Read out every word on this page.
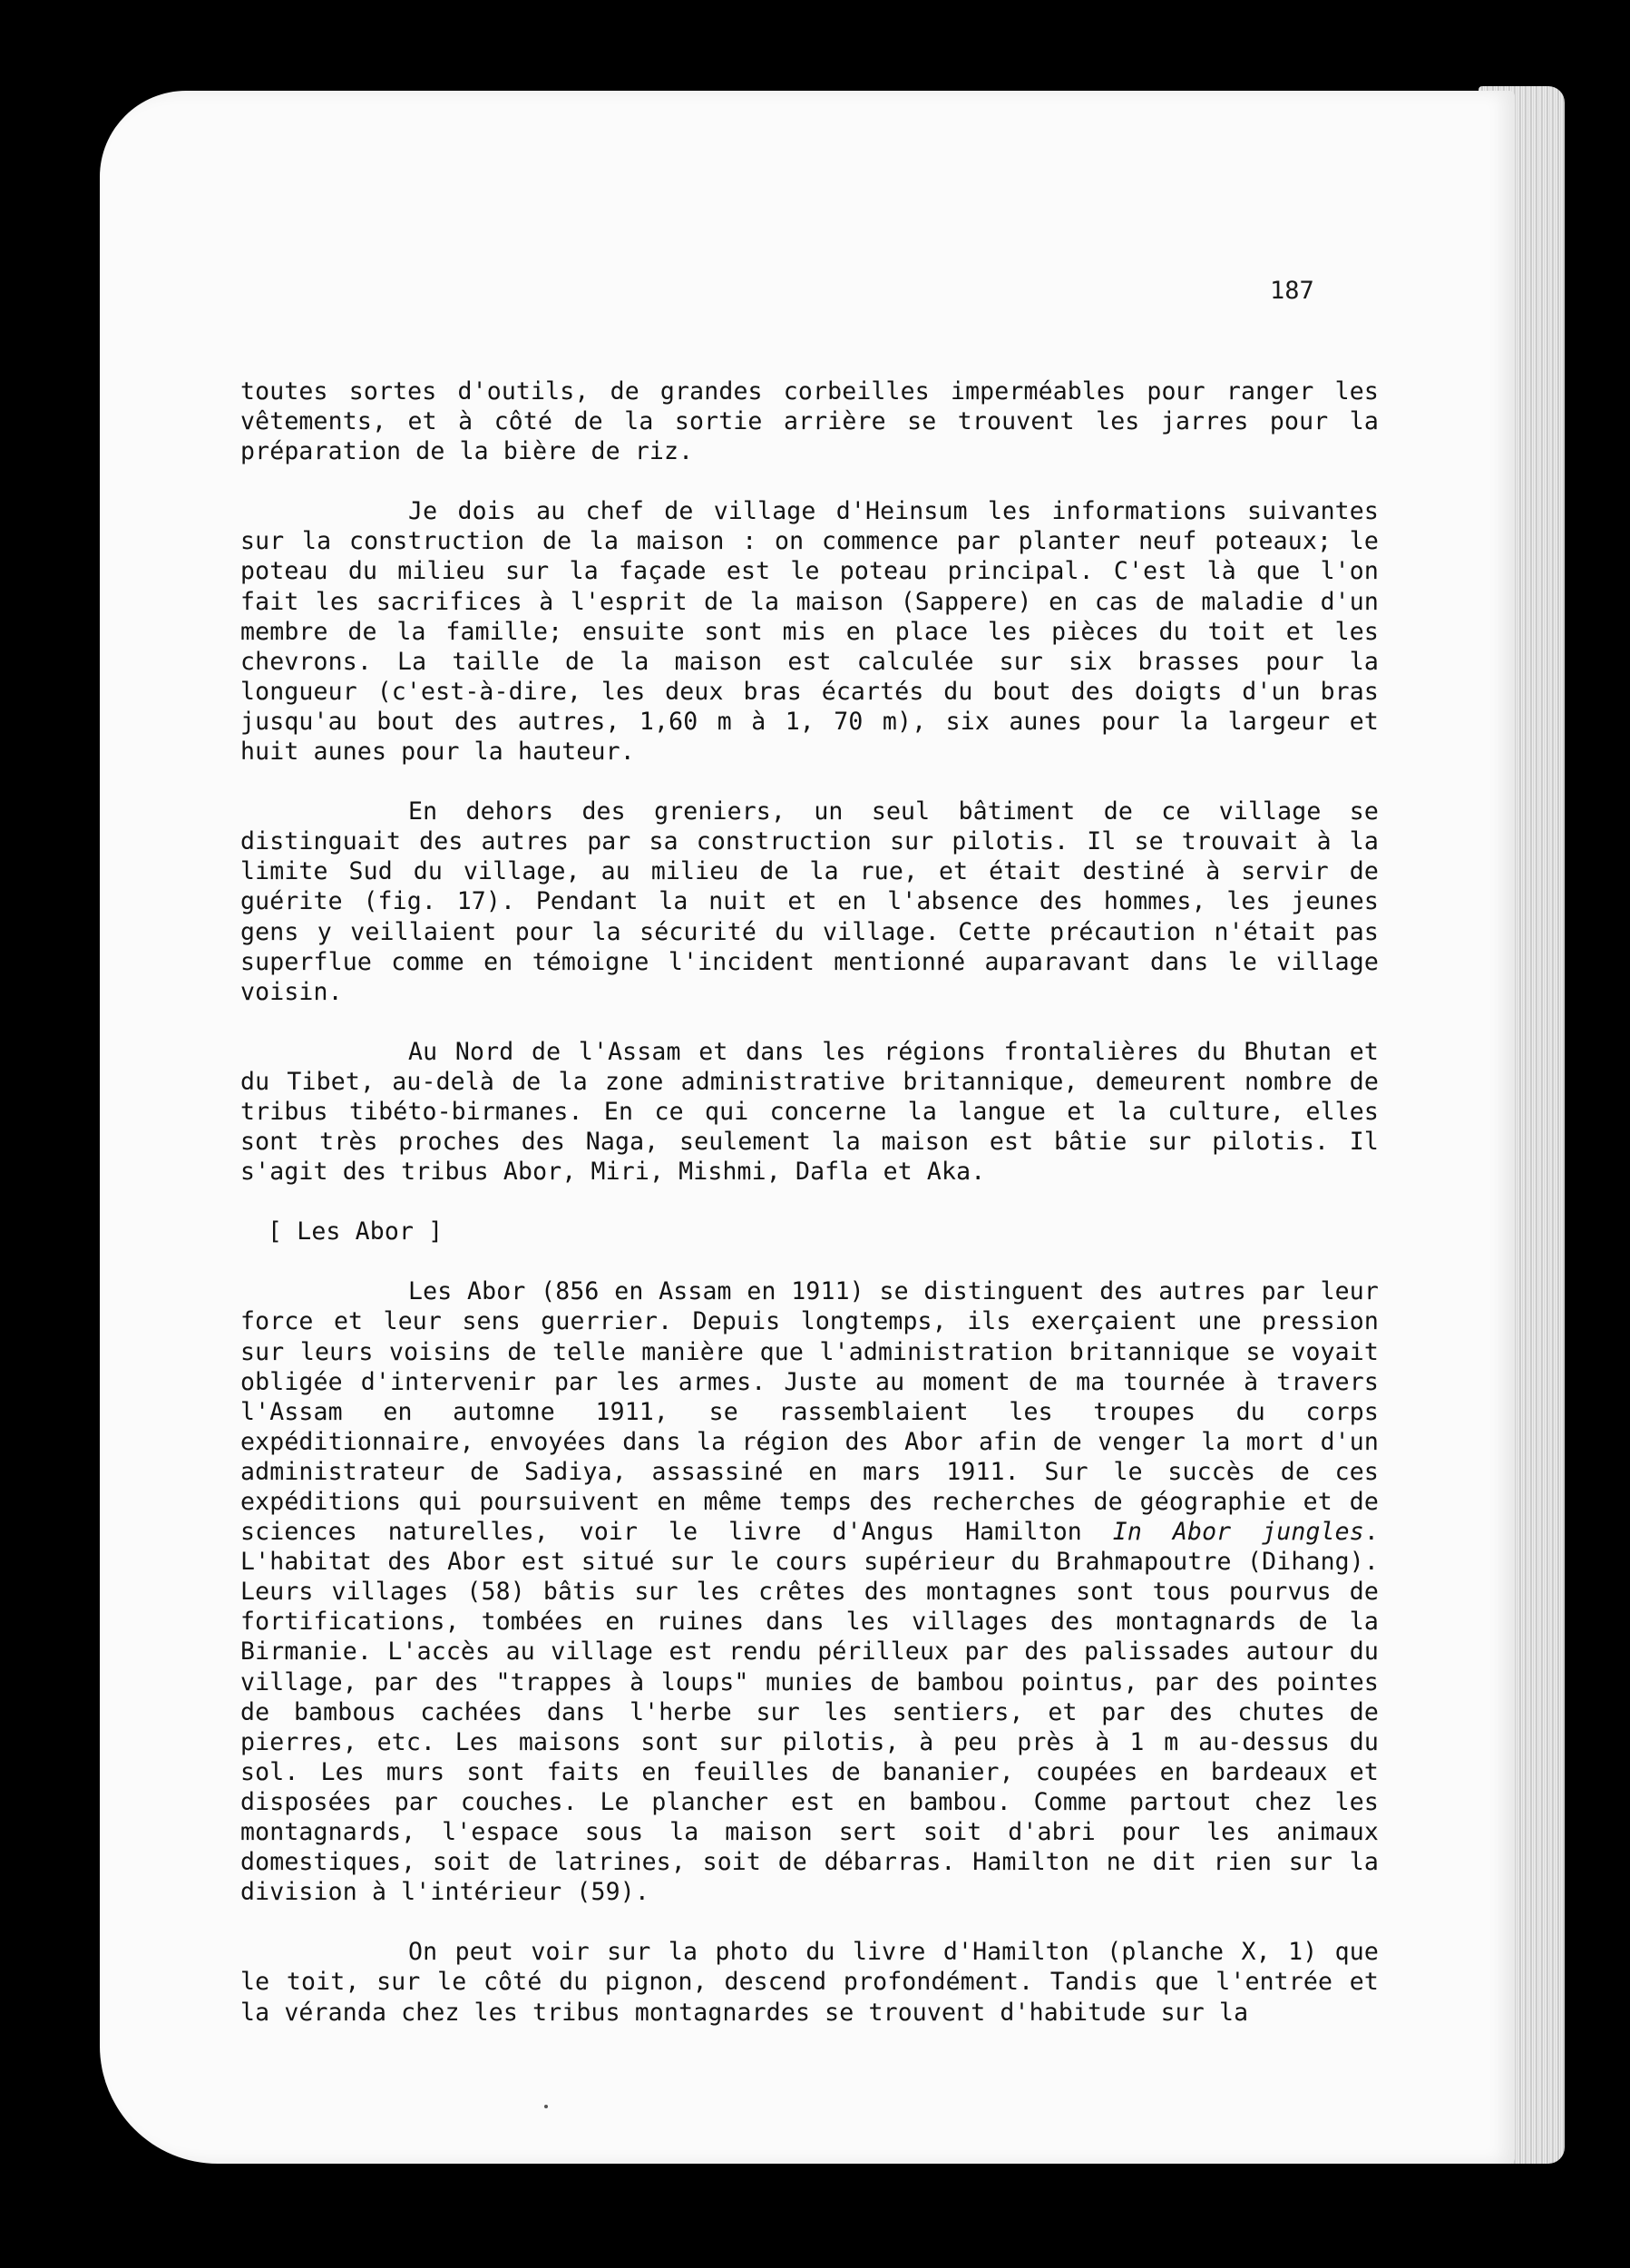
187

toutes sortes d'outils, de grandes corbeilles imperméables pour ranger les vêtements, et à côté de la sortie arrière se trouvent les jarres pour la préparation de la bière de riz.

Je dois au chef de village d'Heinsum les informations suivantes sur la construction de la maison : on commence par planter neuf poteaux; le poteau du milieu sur la façade est le poteau principal. C'est là que l'on fait les sacrifices à l'esprit de la maison (Sappere) en cas de maladie d'un membre de la famille; ensuite sont mis en place les pièces du toit et les chevrons. La taille de la maison est calculée sur six brasses pour la longueur (c'est-à-dire, les deux bras écartés du bout des doigts d'un bras jusqu'au bout des autres, 1,60 m à 1, 70 m), six aunes pour la largeur et huit aunes pour la hauteur.

En dehors des greniers, un seul bâtiment de ce village se distinguait des autres par sa construction sur pilotis. Il se trouvait à la limite Sud du village, au milieu de la rue, et était destiné à servir de guérite (fig. 17). Pendant la nuit et en l'absence des hommes, les jeunes gens y veillaient pour la sécurité du village. Cette précaution n'était pas superflue comme en témoigne l'incident mentionné auparavant dans le village voisin.

Au Nord de l'Assam et dans les régions frontalières du Bhutan et du Tibet, au-delà de la zone administrative britannique, demeurent nombre de tribus tibéto-birmanes. En ce qui concerne la langue et la culture, elles sont très proches des Naga, seulement la maison est bâtie sur pilotis. Il s'agit des tribus Abor, Miri, Mishmi, Dafla et Aka.

[ Les Abor ]

Les Abor (856 en Assam en 1911) se distinguent des autres par leur force et leur sens guerrier. Depuis longtemps, ils exerçaient une pression sur leurs voisins de telle manière que l'administration britannique se voyait obligée d'intervenir par les armes. Juste au moment de ma tournée à travers l'Assam en automne 1911, se rassemblaient les troupes du corps expéditionnaire, envoyées dans la région des Abor afin de venger la mort d'un administrateur de Sadiya, assassiné en mars 1911. Sur le succès de ces expéditions qui poursuivent en même temps des recherches de géographie et de sciences naturelles, voir le livre d'Angus Hamilton In Abor jungles. L'habitat des Abor est situé sur le cours supérieur du Brahmapoutre (Dihang). Leurs villages (58) bâtis sur les crêtes des montagnes sont tous pourvus de fortifications, tombées en ruines dans les villages des montagnards de la Birmanie. L'accès au village est rendu périlleux par des palissades autour du village, par des "trappes à loups" munies de bambou pointus, par des pointes de bambous cachées dans l'herbe sur les sentiers, et par des chutes de pierres, etc. Les maisons sont sur pilotis, à peu près à 1 m au-dessus du sol. Les murs sont faits en feuilles de bananier, coupées en bardeaux et disposées par couches. Le plancher est en bambou. Comme partout chez les montagnards, l'espace sous la maison sert soit d'abri pour les animaux domestiques, soit de latrines, soit de débarras. Hamilton ne dit rien sur la division à l'intérieur (59).

On peut voir sur la photo du livre d'Hamilton (planche X, 1) que le toit, sur le côté du pignon, descend profondément. Tandis que l'entrée et la véranda chez les tribus montagnardes se trouvent d'habitude sur la
